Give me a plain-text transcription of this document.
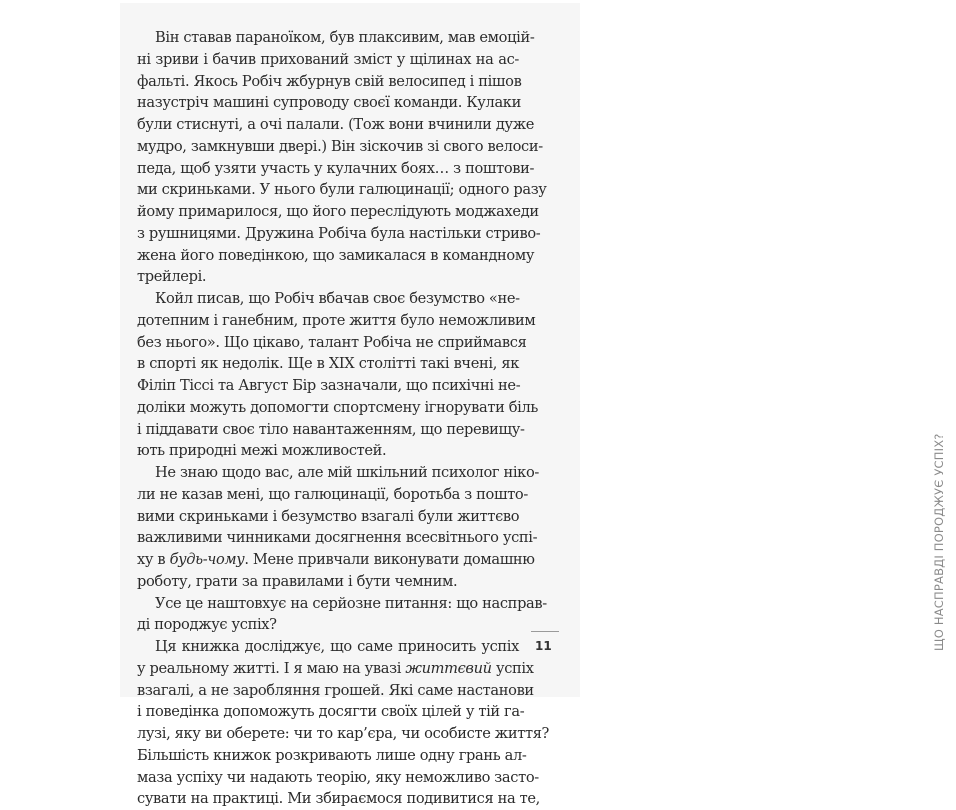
Він ставав параноїком, був плаксивим, мав емоцій-
ні зриви і бачив прихований зміст у щілинах на ас-
фальті. Якось Робіч жбурнув свій велосипед і пішов
назустріч машині супроводу своєї команди. Кулаки
були стиснуті, а очі палали. (Тож вони вчинили дуже
мудро, замкнувши двері.) Він зіскочив зі свого велоси-
педа, щоб узяти участь у кулачних боях… з поштови-
ми скриньками. У нього були галюцинації; одного разу
йому примарилося, що його переслідують моджахеди
з рушницями. Дружина Робіча була настільки стриво-
жена його поведінкою, що замикалася в командному
трейлері.
Койл писав, що Робіч вбачав своє безумство «не-
дотепним і ганебним, проте життя було неможливим
без нього». Що цікаво, талант Робіча не сприймався
в спорті як недолік. Ще в XIX столітті такі вчені, як
Філіп Тіссі та Август Бір зазначали, що психічні не-
доліки можуть допомогти спортсмену ігнорувати біль
і піддавати своє тіло навантаженням, що перевищу-
ють природні межі можливостей.
Не знаю щодо вас, але мій шкільний психолог ніко-
ли не казав мені, що галюцинації, боротьба з пошто-
вими скриньками і безумство взагалі були життєво
важливими чинниками досягнення всесвітнього успі-
ху в будь-чому. Мене привчали виконувати домашню
роботу, грати за правилами і бути чемним.
Усе це наштовхує на серйозне питання: що насправ-
ді породжує успіх?
Ця книжка досліджує, що саме приносить успіх
у реальному житті. І я маю на увазі життєвий успіх
взагалі, а не заробляння грошей. Які саме настанови
і поведінка допоможуть досягти своїх цілей у тій га-
лузі, яку ви оберете: чи то кар’єра, чи особисте життя?
Більшість книжок розкривають лише одну грань ал-
маза успіху чи надають теорію, яку неможливо засто-
сувати на практиці. Ми збираємося подивитися на те,
ЩО НАСПРАВДІ ПОРОДЖУЄ УСПІХ?
11
